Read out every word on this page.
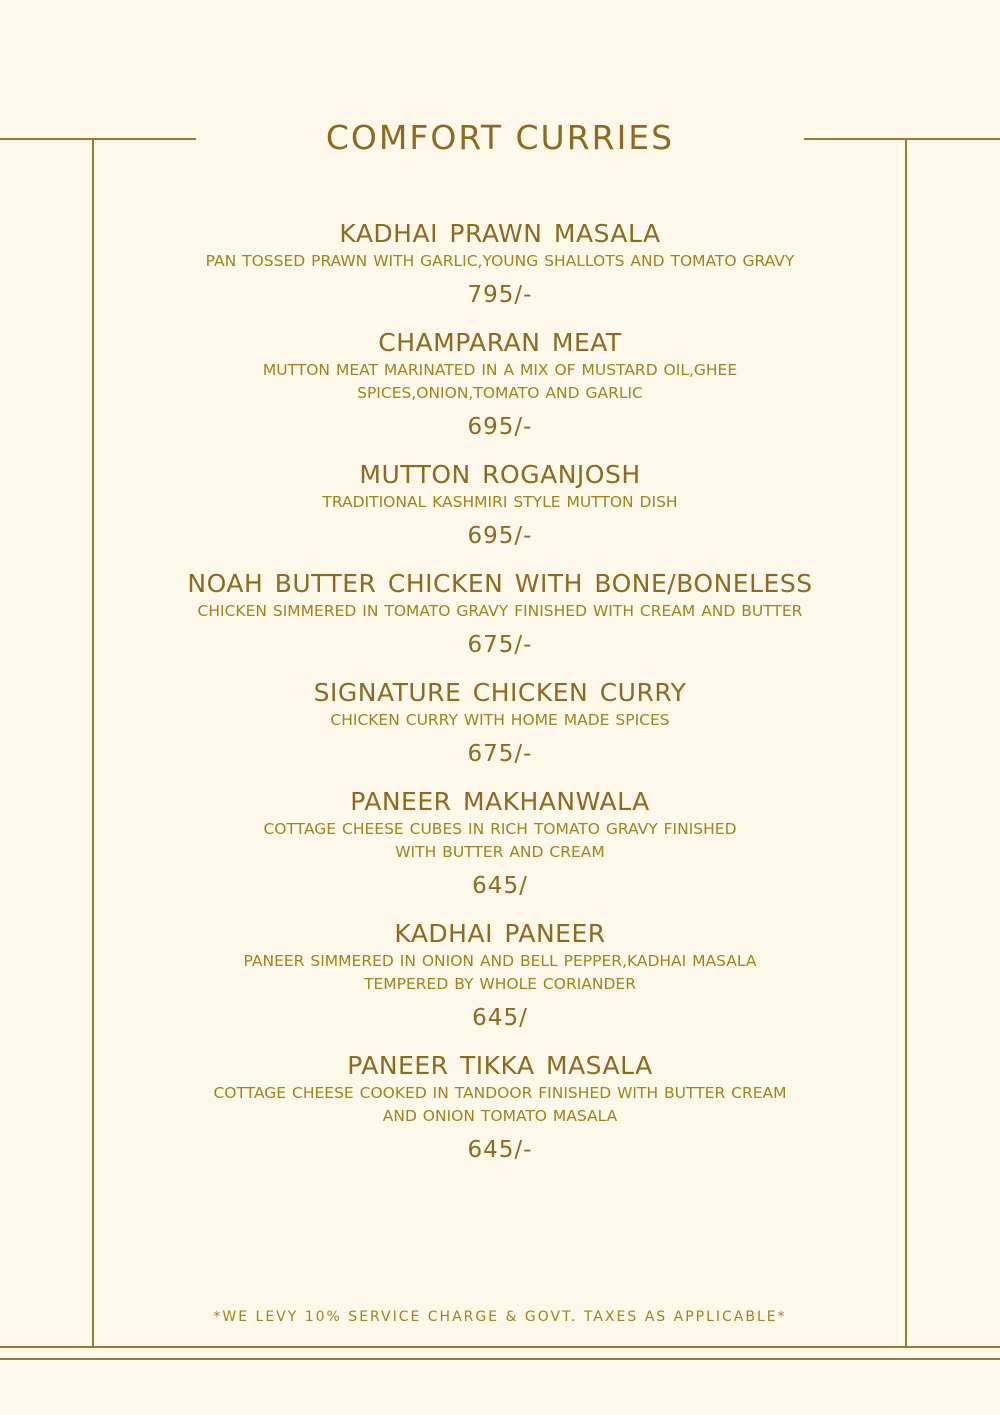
COMFORT CURRIES
KADHAI PRAWN MASALA
PAN TOSSED PRAWN WITH GARLIC,YOUNG SHALLOTS AND TOMATO GRAVY
795/-
CHAMPARAN MEAT
MUTTON MEAT MARINATED IN A MIX OF MUSTARD OIL,GHEE
SPICES,ONION,TOMATO AND GARLIC
695/-
MUTTON ROGANJOSH
TRADITIONAL KASHMIRI STYLE MUTTON DISH
695/-
NOAH BUTTER CHICKEN WITH BONE/BONELESS
CHICKEN SIMMERED IN TOMATO GRAVY FINISHED WITH CREAM AND BUTTER
675/-
SIGNATURE CHICKEN CURRY
CHICKEN CURRY WITH HOME MADE SPICES
675/-
PANEER MAKHANWALA
COTTAGE CHEESE CUBES IN RICH TOMATO GRAVY FINISHED
WITH BUTTER AND CREAM
645/
KADHAI PANEER
PANEER SIMMERED IN ONION AND BELL PEPPER,KADHAI MASALA
TEMPERED BY WHOLE CORIANDER
645/
PANEER TIKKA MASALA
COTTAGE CHEESE COOKED IN TANDOOR FINISHED WITH BUTTER CREAM
AND ONION TOMATO MASALA
645/-
*WE LEVY 10% SERVICE CHARGE & GOVT. TAXES AS APPLICABLE*
